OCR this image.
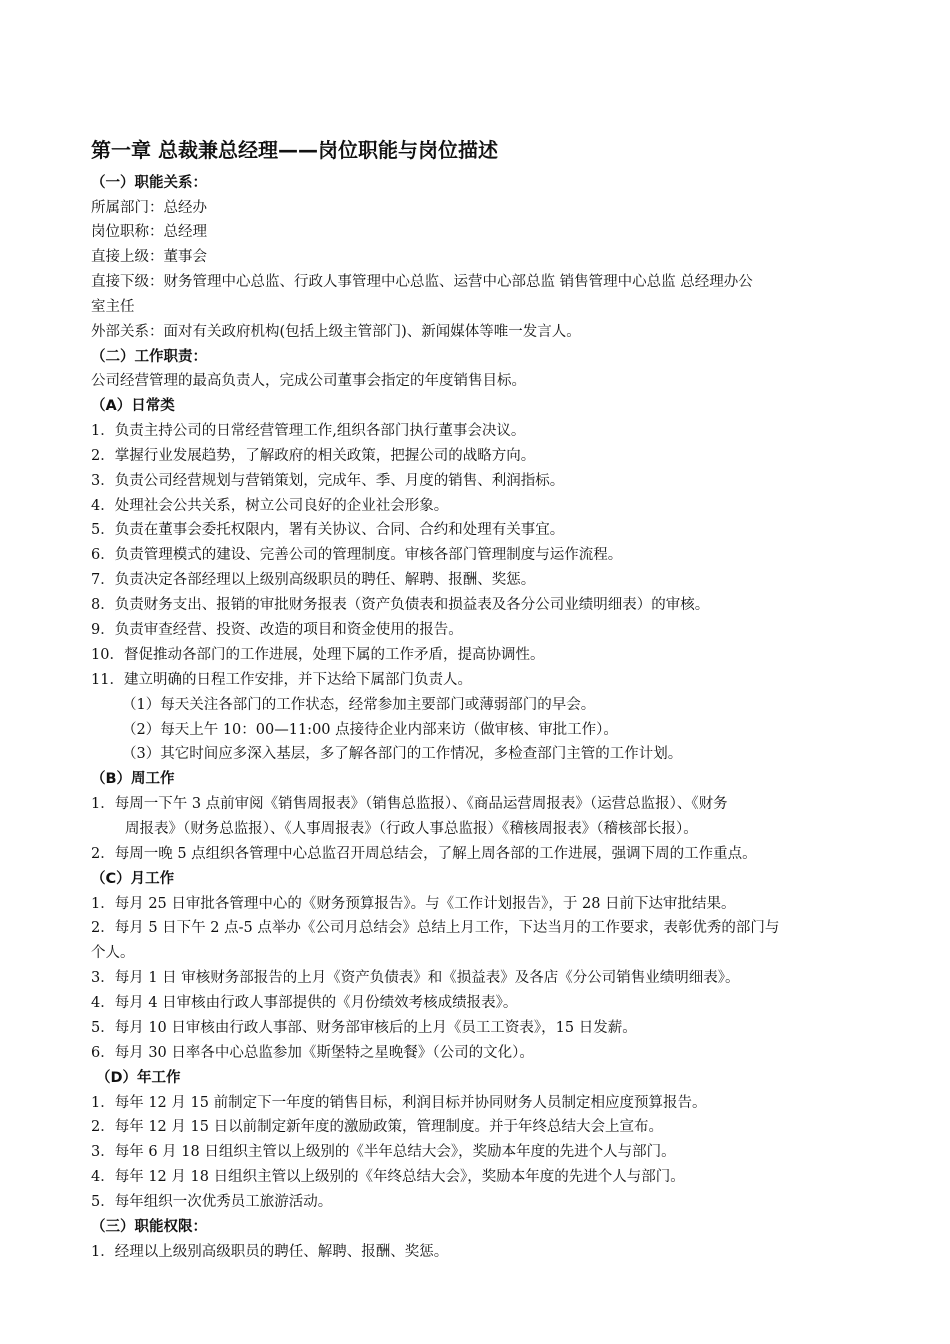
第一章 总裁兼总经理——岗位职能与岗位描述
（一）职能关系：
所属部门：总经办
岗位职称：总经理
直接上级：董事会
直接下级：财务管理中心总监、行政人事管理中心总监、运营中心部总监 销售管理中心总监 总经理办公
室主任
外部关系：面对有关政府机构(包括上级主管部门)、新闻媒体等唯一发言人。
（二）工作职责：
公司经营管理的最高负责人，完成公司董事会指定的年度销售目标。
（A）日常类
1．负责主持公司的日常经营管理工作,组织各部门执行董事会决议。
2．掌握行业发展趋势，了解政府的相关政策，把握公司的战略方向。
3．负责公司经营规划与营销策划，完成年、季、月度的销售、利润指标。
4．处理社会公共关系，树立公司良好的企业社会形象。
5．负责在董事会委托权限内，署有关协议、合同、合约和处理有关事宜。
6．负责管理模式的建设、完善公司的管理制度。审核各部门管理制度与运作流程。
7．负责决定各部经理以上级别高级职员的聘任、解聘、报酬、奖惩。
8．负责财务支出、报销的审批财务报表（资产负债表和损益表及各分公司业绩明细表）的审核。
9．负责审查经营、投资、改造的项目和资金使用的报告。
10．督促推动各部门的工作进展，处理下属的工作矛盾，提高协调性。
11．建立明确的日程工作安排，并下达给下属部门负责人。
（1）每天关注各部门的工作状态，经常参加主要部门或薄弱部门的早会。
（2）每天上午 10：00—11:00 点接待企业内部来访（做审核、审批工作）。
（3）其它时间应多深入基层，多了解各部门的工作情况，多检查部门主管的工作计划。
（B）周工作
1．每周一下午 3 点前审阅《销售周报表》（销售总监报）、《商品运营周报表》（运营总监报）、《财务
周报表》（财务总监报）、《人事周报表》（行政人事总监报）《稽核周报表》（稽核部长报）。
2．每周一晚 5 点组织各管理中心总监召开周总结会，了解上周各部的工作进展，强调下周的工作重点。
（C）月工作
1．每月 25 日审批各管理中心的《财务预算报告》。与《工作计划报告》，于 28 日前下达审批结果。
2．每月 5 日下午 2 点-5 点举办《公司月总结会》总结上月工作，下达当月的工作要求，表彰优秀的部门与
个人。
3．每月 1 日 审核财务部报告的上月《资产负债表》和《损益表》及各店《分公司销售业绩明细表》。
4．每月 4 日审核由行政人事部提供的《月份绩效考核成绩报表》。
5．每月 10 日审核由行政人事部、财务部审核后的上月《员工工资表》，15 日发薪。
6．每月 30 日率各中心总监参加《斯堡特之星晚餐》（公司的文化）。
（D）年工作
1．每年 12 月 15 前制定下一年度的销售目标，利润目标并协同财务人员制定相应度预算报告。
2．每年 12 月 15 日以前制定新年度的激励政策，管理制度。并于年终总结大会上宣布。
3．每年 6 月 18 日组织主管以上级别的《半年总结大会》，奖励本年度的先进个人与部门。
4．每年 12 月 18 日组织主管以上级别的《年终总结大会》，奖励本年度的先进个人与部门。
5．每年组织一次优秀员工旅游活动。
（三）职能权限：
1．经理以上级别高级职员的聘任、解聘、报酬、奖惩。
